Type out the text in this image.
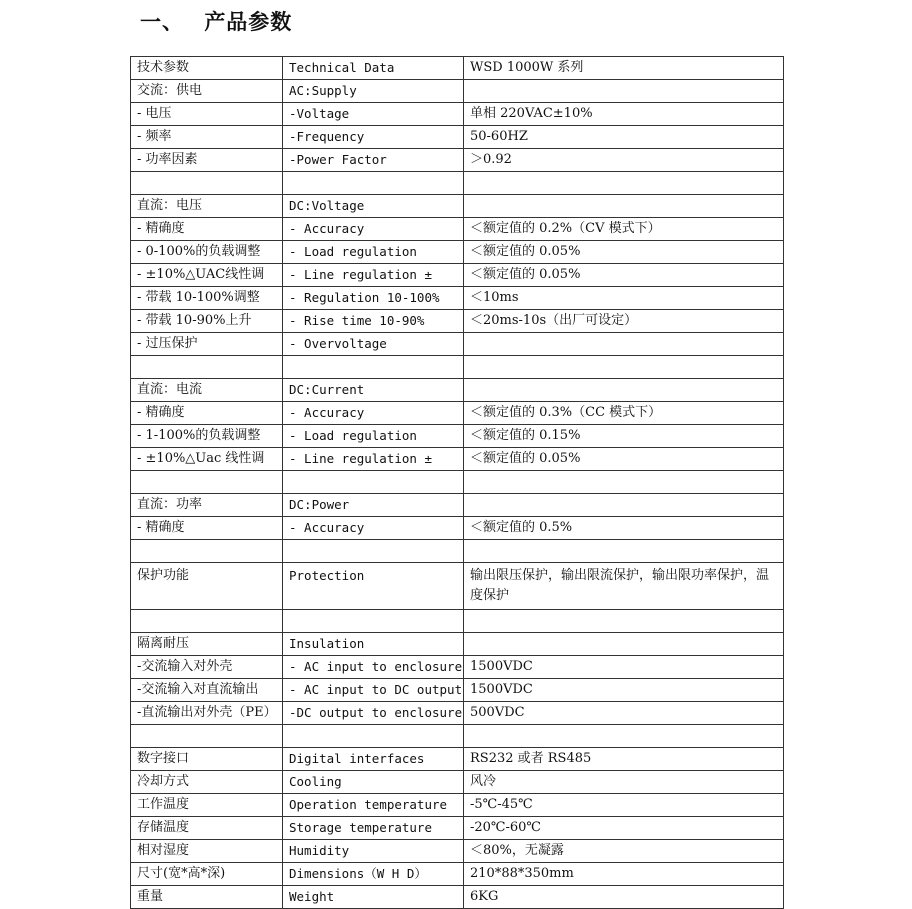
一、 产品参数
技术参数	Technical Data	WSD 1000W 系列
交流：供电	AC:Supply	
- 电压	-Voltage	单相 220VAC±10%
- 频率	-Frequency	50-60HZ
- 功率因素	-Power Factor	＞0.92

直流：电压	DC:Voltage	
- 精确度	- Accuracy	＜额定值的 0.2%（CV 模式下）
- 0-100%的负载调整	- Load regulation	＜额定值的 0.05%
- ±10%△UAC线性调	- Line regulation ±	＜额定值的 0.05%
- 带载 10-100%调整	- Regulation 10-100%	＜10ms
- 带载 10-90%上升	- Rise time 10-90%	＜20ms-10s（出厂可设定）
- 过压保护	- Overvoltage	

直流：电流	DC:Current	
- 精确度	- Accuracy	＜额定值的 0.3%（CC 模式下）
- 1-100%的负载调整	- Load regulation	＜额定值的 0.15%
- ±10%△Uac 线性调	- Line regulation ±	＜额定值的 0.05%

直流：功率	DC:Power	
- 精确度	- Accuracy	＜额定值的 0.5%

保护功能	Protection	输出限压保护，输出限流保护，输出限功率保护，温度保护

隔离耐压	Insulation	
-交流输入对外壳	- AC input to enclosure	1500VDC
-交流输入对直流输出	- AC input to DC output	1500VDC
-直流输出对外壳（PE）	-DC output to enclosure	500VDC

数字接口	Digital interfaces	RS232 或者 RS485
冷却方式	Cooling	风冷
工作温度	Operation temperature	-5℃-45℃
存储温度	Storage temperature	-20℃-60℃
相对湿度	Humidity	＜80%，无凝露
尺寸(宽*高*深)	Dimensions（W H D）	210*88*350mm
重量	Weight	6KG
